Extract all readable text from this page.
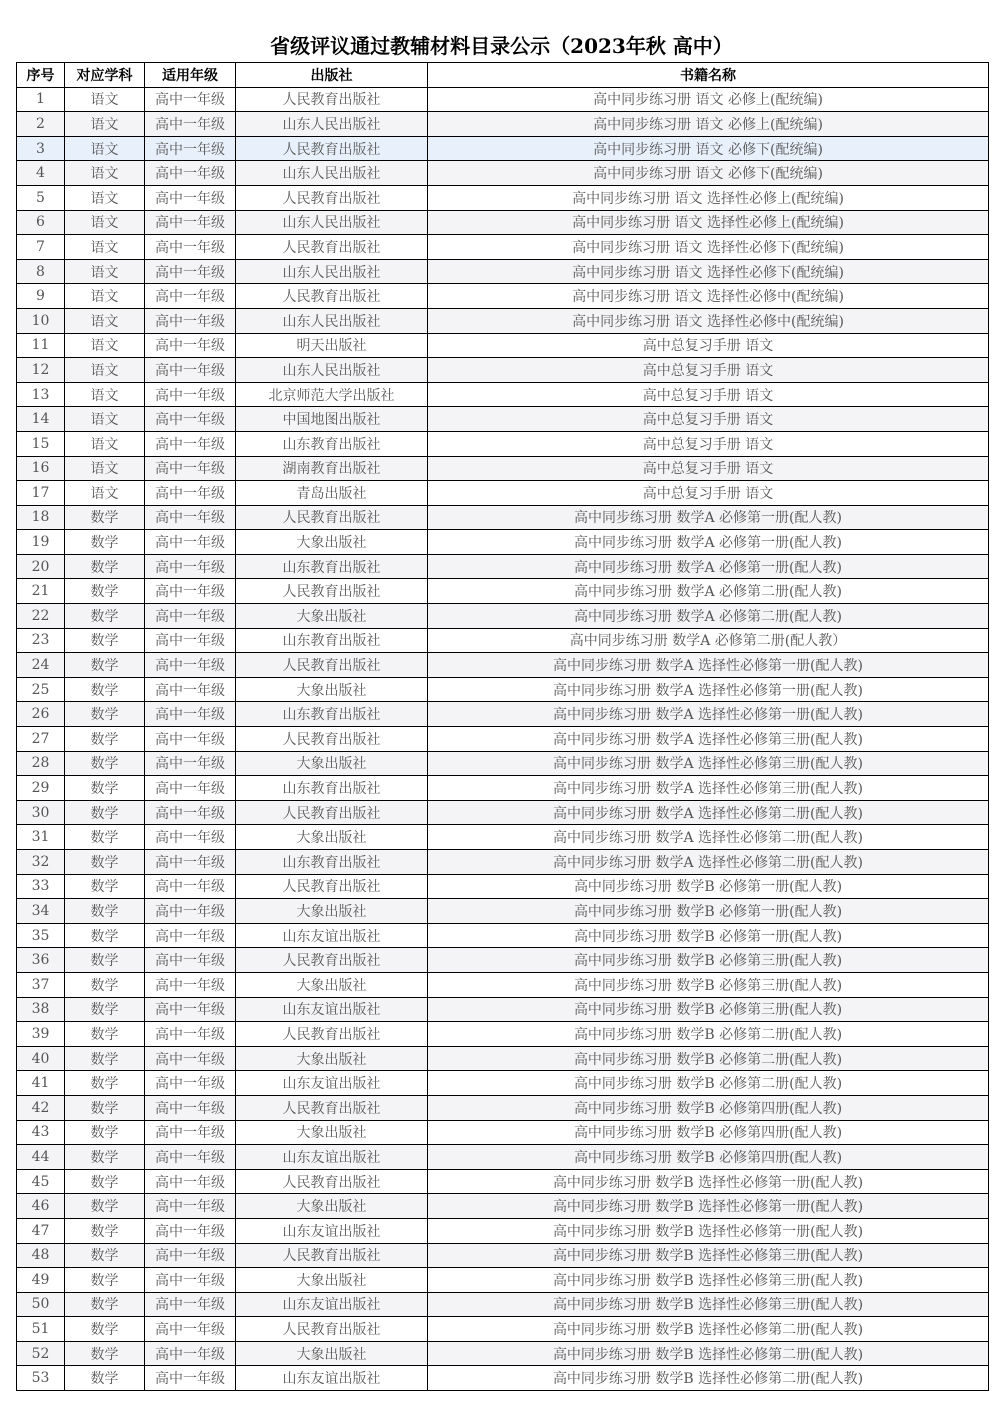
省级评议通过教辅材料目录公示（2023年秋 高中）
序号	对应学科	适用年级	出版社	书籍名称
1	语文	高中一年级	人民教育出版社	高中同步练习册 语文 必修上(配统编)
2	语文	高中一年级	山东人民出版社	高中同步练习册 语文 必修上(配统编)
3	语文	高中一年级	人民教育出版社	高中同步练习册 语文 必修下(配统编)
4	语文	高中一年级	山东人民出版社	高中同步练习册 语文 必修下(配统编)
5	语文	高中一年级	人民教育出版社	高中同步练习册 语文 选择性必修上(配统编)
6	语文	高中一年级	山东人民出版社	高中同步练习册 语文 选择性必修上(配统编)
7	语文	高中一年级	人民教育出版社	高中同步练习册 语文 选择性必修下(配统编)
8	语文	高中一年级	山东人民出版社	高中同步练习册 语文 选择性必修下(配统编)
9	语文	高中一年级	人民教育出版社	高中同步练习册 语文 选择性必修中(配统编)
10	语文	高中一年级	山东人民出版社	高中同步练习册 语文 选择性必修中(配统编)
11	语文	高中一年级	明天出版社	高中总复习手册 语文
12	语文	高中一年级	山东人民出版社	高中总复习手册 语文
13	语文	高中一年级	北京师范大学出版社	高中总复习手册 语文
14	语文	高中一年级	中国地图出版社	高中总复习手册 语文
15	语文	高中一年级	山东教育出版社	高中总复习手册 语文
16	语文	高中一年级	湖南教育出版社	高中总复习手册 语文
17	语文	高中一年级	青岛出版社	高中总复习手册 语文
18	数学	高中一年级	人民教育出版社	高中同步练习册 数学A 必修第一册(配人教)
19	数学	高中一年级	大象出版社	高中同步练习册 数学A 必修第一册(配人教)
20	数学	高中一年级	山东教育出版社	高中同步练习册 数学A 必修第一册(配人教)
21	数学	高中一年级	人民教育出版社	高中同步练习册 数学A 必修第二册(配人教)
22	数学	高中一年级	大象出版社	高中同步练习册 数学A 必修第二册(配人教)
23	数学	高中一年级	山东教育出版社	高中同步练习册 数学A 必修第二册(配人教）
24	数学	高中一年级	人民教育出版社	高中同步练习册 数学A 选择性必修第一册(配人教)
25	数学	高中一年级	大象出版社	高中同步练习册 数学A 选择性必修第一册(配人教)
26	数学	高中一年级	山东教育出版社	高中同步练习册 数学A 选择性必修第一册(配人教)
27	数学	高中一年级	人民教育出版社	高中同步练习册 数学A 选择性必修第三册(配人教)
28	数学	高中一年级	大象出版社	高中同步练习册 数学A 选择性必修第三册(配人教)
29	数学	高中一年级	山东教育出版社	高中同步练习册 数学A 选择性必修第三册(配人教)
30	数学	高中一年级	人民教育出版社	高中同步练习册 数学A 选择性必修第二册(配人教)
31	数学	高中一年级	大象出版社	高中同步练习册 数学A 选择性必修第二册(配人教)
32	数学	高中一年级	山东教育出版社	高中同步练习册 数学A 选择性必修第二册(配人教)
33	数学	高中一年级	人民教育出版社	高中同步练习册 数学B 必修第一册(配人教)
34	数学	高中一年级	大象出版社	高中同步练习册 数学B 必修第一册(配人教)
35	数学	高中一年级	山东友谊出版社	高中同步练习册 数学B 必修第一册(配人教)
36	数学	高中一年级	人民教育出版社	高中同步练习册 数学B 必修第三册(配人教)
37	数学	高中一年级	大象出版社	高中同步练习册 数学B 必修第三册(配人教)
38	数学	高中一年级	山东友谊出版社	高中同步练习册 数学B 必修第三册(配人教)
39	数学	高中一年级	人民教育出版社	高中同步练习册 数学B 必修第二册(配人教)
40	数学	高中一年级	大象出版社	高中同步练习册 数学B 必修第二册(配人教)
41	数学	高中一年级	山东友谊出版社	高中同步练习册 数学B 必修第二册(配人教)
42	数学	高中一年级	人民教育出版社	高中同步练习册 数学B 必修第四册(配人教)
43	数学	高中一年级	大象出版社	高中同步练习册 数学B 必修第四册(配人教)
44	数学	高中一年级	山东友谊出版社	高中同步练习册 数学B 必修第四册(配人教)
45	数学	高中一年级	人民教育出版社	高中同步练习册 数学B 选择性必修第一册(配人教)
46	数学	高中一年级	大象出版社	高中同步练习册 数学B 选择性必修第一册(配人教)
47	数学	高中一年级	山东友谊出版社	高中同步练习册 数学B 选择性必修第一册(配人教)
48	数学	高中一年级	人民教育出版社	高中同步练习册 数学B 选择性必修第三册(配人教)
49	数学	高中一年级	大象出版社	高中同步练习册 数学B 选择性必修第三册(配人教)
50	数学	高中一年级	山东友谊出版社	高中同步练习册 数学B 选择性必修第三册(配人教)
51	数学	高中一年级	人民教育出版社	高中同步练习册 数学B 选择性必修第二册(配人教)
52	数学	高中一年级	大象出版社	高中同步练习册 数学B 选择性必修第二册(配人教)
53	数学	高中一年级	山东友谊出版社	高中同步练习册 数学B 选择性必修第二册(配人教)
